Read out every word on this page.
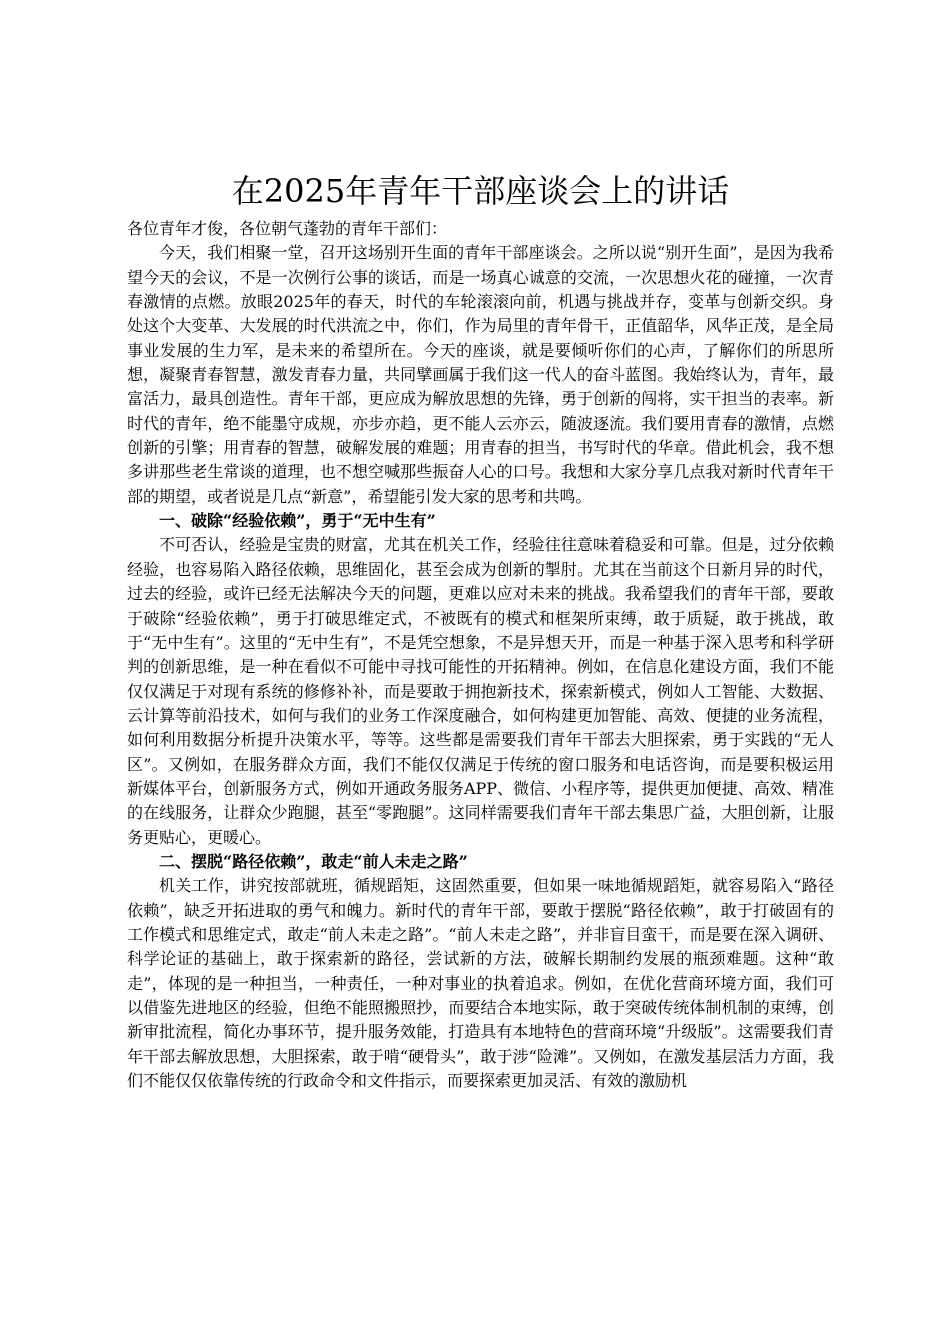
在2025年青年干部座谈会上的讲话

各位青年才俊，各位朝气蓬勃的青年干部们：

今天，我们相聚一堂，召开这场别开生面的青年干部座谈会。之所以说“别开生面”，是因为我希望今天的会议，不是一次例行公事的谈话，而是一场真心诚意的交流，一次思想火花的碰撞，一次青春激情的点燃。放眼2025年的春天，时代的车轮滚滚向前，机遇与挑战并存，变革与创新交织。身处这个大变革、大发展的时代洪流之中，你们，作为局里的青年骨干，正值韶华，风华正茂，是全局事业发展的生力军，是未来的希望所在。今天的座谈，就是要倾听你们的心声，了解你们的所思所想，凝聚青春智慧，激发青春力量，共同擘画属于我们这一代人的奋斗蓝图。我始终认为，青年，最富活力，最具创造性。青年干部，更应成为解放思想的先锋，勇于创新的闯将，实干担当的表率。新时代的青年，绝不能墨守成规，亦步亦趋，更不能人云亦云，随波逐流。我们要用青春的激情，点燃创新的引擎；用青春的智慧，破解发展的难题；用青春的担当，书写时代的华章。借此机会，我不想多讲那些老生常谈的道理，也不想空喊那些振奋人心的口号。我想和大家分享几点我对新时代青年干部的期望，或者说是几点“新意”，希望能引发大家的思考和共鸣。

一、破除“经验依赖”，勇于“无中生有”

不可否认，经验是宝贵的财富，尤其在机关工作，经验往往意味着稳妥和可靠。但是，过分依赖经验，也容易陷入路径依赖，思维固化，甚至会成为创新的掣肘。尤其在当前这个日新月异的时代，过去的经验，或许已经无法解决今天的问题，更难以应对未来的挑战。我希望我们的青年干部，要敢于破除“经验依赖”，勇于打破思维定式，不被既有的模式和框架所束缚，敢于质疑，敢于挑战，敢于“无中生有”。这里的“无中生有”，不是凭空想象，不是异想天开，而是一种基于深入思考和科学研判的创新思维，是一种在看似不可能中寻找可能性的开拓精神。例如，在信息化建设方面，我们不能仅仅满足于对现有系统的修修补补，而是要敢于拥抱新技术，探索新模式，例如人工智能、大数据、云计算等前沿技术，如何与我们的业务工作深度融合，如何构建更加智能、高效、便捷的业务流程，如何利用数据分析提升决策水平，等等。这些都是需要我们青年干部去大胆探索，勇于实践的“无人区”。又例如，在服务群众方面，我们不能仅仅满足于传统的窗口服务和电话咨询，而是要积极运用新媒体平台，创新服务方式，例如开通政务服务APP、微信、小程序等，提供更加便捷、高效、精准的在线服务，让群众少跑腿，甚至“零跑腿”。这同样需要我们青年干部去集思广益，大胆创新，让服务更贴心，更暖心。

二、摆脱“路径依赖”，敢走“前人未走之路”

机关工作，讲究按部就班，循规蹈矩，这固然重要，但如果一味地循规蹈矩，就容易陷入“路径依赖”，缺乏开拓进取的勇气和魄力。新时代的青年干部，要敢于摆脱“路径依赖”，敢于打破固有的工作模式和思维定式，敢走“前人未走之路”。“前人未走之路”，并非盲目蛮干，而是要在深入调研、科学论证的基础上，敢于探索新的路径，尝试新的方法，破解长期制约发展的瓶颈难题。这种“敢走”，体现的是一种担当，一种责任，一种对事业的执着追求。例如，在优化营商环境方面，我们可以借鉴先进地区的经验，但绝不能照搬照抄，而要结合本地实际，敢于突破传统体制机制的束缚，创新审批流程，简化办事环节，提升服务效能，打造具有本地特色的营商环境“升级版”。这需要我们青年干部去解放思想，大胆探索，敢于啃“硬骨头”，敢于涉“险滩”。又例如，在激发基层活力方面，我们不能仅仅依靠传统的行政命令和文件指示，而要探索更加灵活、有效的激励机
